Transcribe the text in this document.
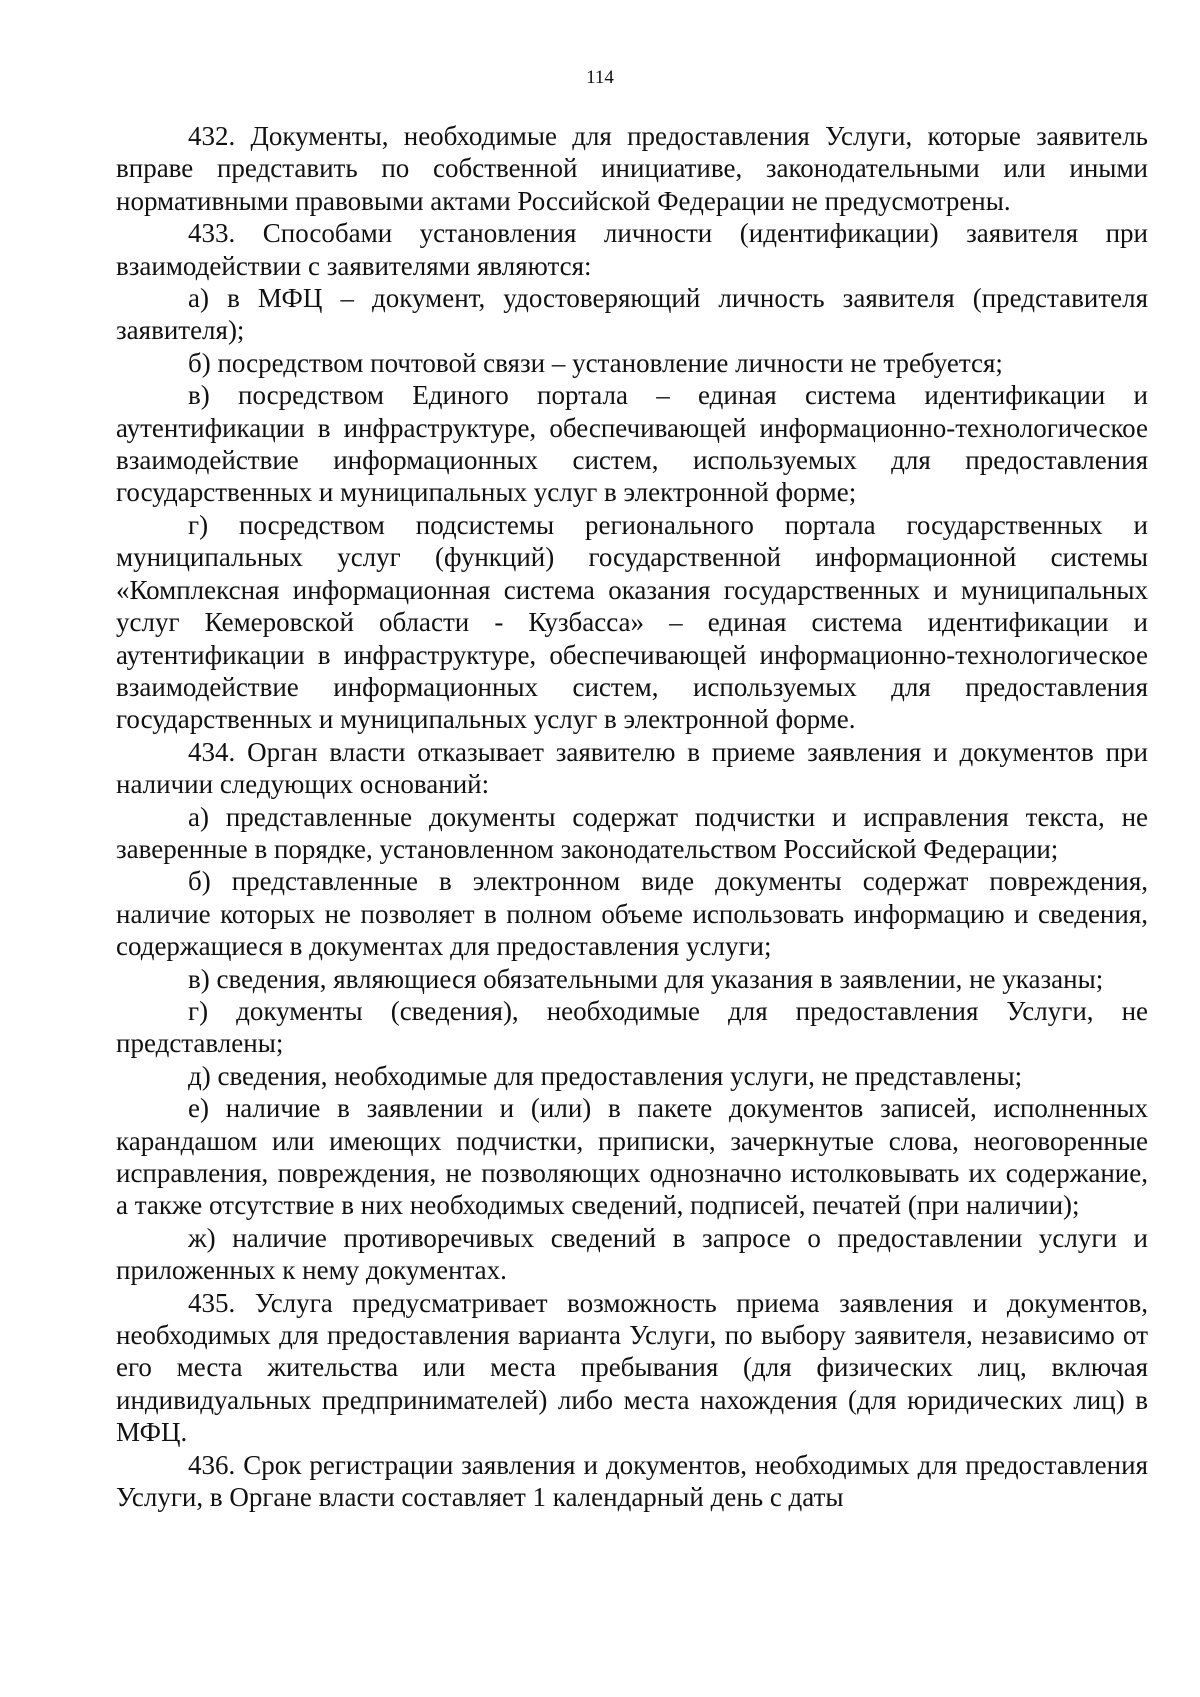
114

432. Документы, необходимые для предоставления Услуги, которые заявитель вправе представить по собственной инициативе, законодательными или иными нормативными правовыми актами Российской Федерации не предусмотрены.

433. Способами установления личности (идентификации) заявителя при взаимодействии с заявителями являются:

а) в МФЦ – документ, удостоверяющий личность заявителя (представителя заявителя);

б) посредством почтовой связи – установление личности не требуется;

в) посредством Единого портала – единая система идентификации и аутентификации в инфраструктуре, обеспечивающей информационно-технологическое взаимодействие информационных систем, используемых для предоставления государственных и муниципальных услуг в электронной форме;

г) посредством подсистемы регионального портала государственных и муниципальных услуг (функций) государственной информационной системы «Комплексная информационная система оказания государственных и муниципальных услуг Кемеровской области - Кузбасса» – единая система идентификации и аутентификации в инфраструктуре, обеспечивающей информационно-технологическое взаимодействие информационных систем, используемых для предоставления государственных и муниципальных услуг в электронной форме.

434. Орган власти отказывает заявителю в приеме заявления и документов при наличии следующих оснований:

а) представленные документы содержат подчистки и исправления текста, не заверенные в порядке, установленном законодательством Российской Федерации;

б) представленные в электронном виде документы содержат повреждения, наличие которых не позволяет в полном объеме использовать информацию и сведения, содержащиеся в документах для предоставления услуги;

в) сведения, являющиеся обязательными для указания в заявлении, не указаны;

г) документы (сведения), необходимые для предоставления Услуги, не представлены;

д) сведения, необходимые для предоставления услуги, не представлены;

е) наличие в заявлении и (или) в пакете документов записей, исполненных карандашом или имеющих подчистки, приписки, зачеркнутые слова, неоговоренные исправления, повреждения, не позволяющих однозначно истолковывать их содержание, а также отсутствие в них необходимых сведений, подписей, печатей (при наличии);

ж) наличие противоречивых сведений в запросе о предоставлении услуги и приложенных к нему документах.

435. Услуга предусматривает возможность приема заявления и документов, необходимых для предоставления варианта Услуги, по выбору заявителя, независимо от его места жительства или места пребывания (для физических лиц, включая индивидуальных предпринимателей) либо места нахождения (для юридических лиц) в МФЦ.

436. Срок регистрации заявления и документов, необходимых для предоставления Услуги, в Органе власти составляет 1 календарный день с даты
